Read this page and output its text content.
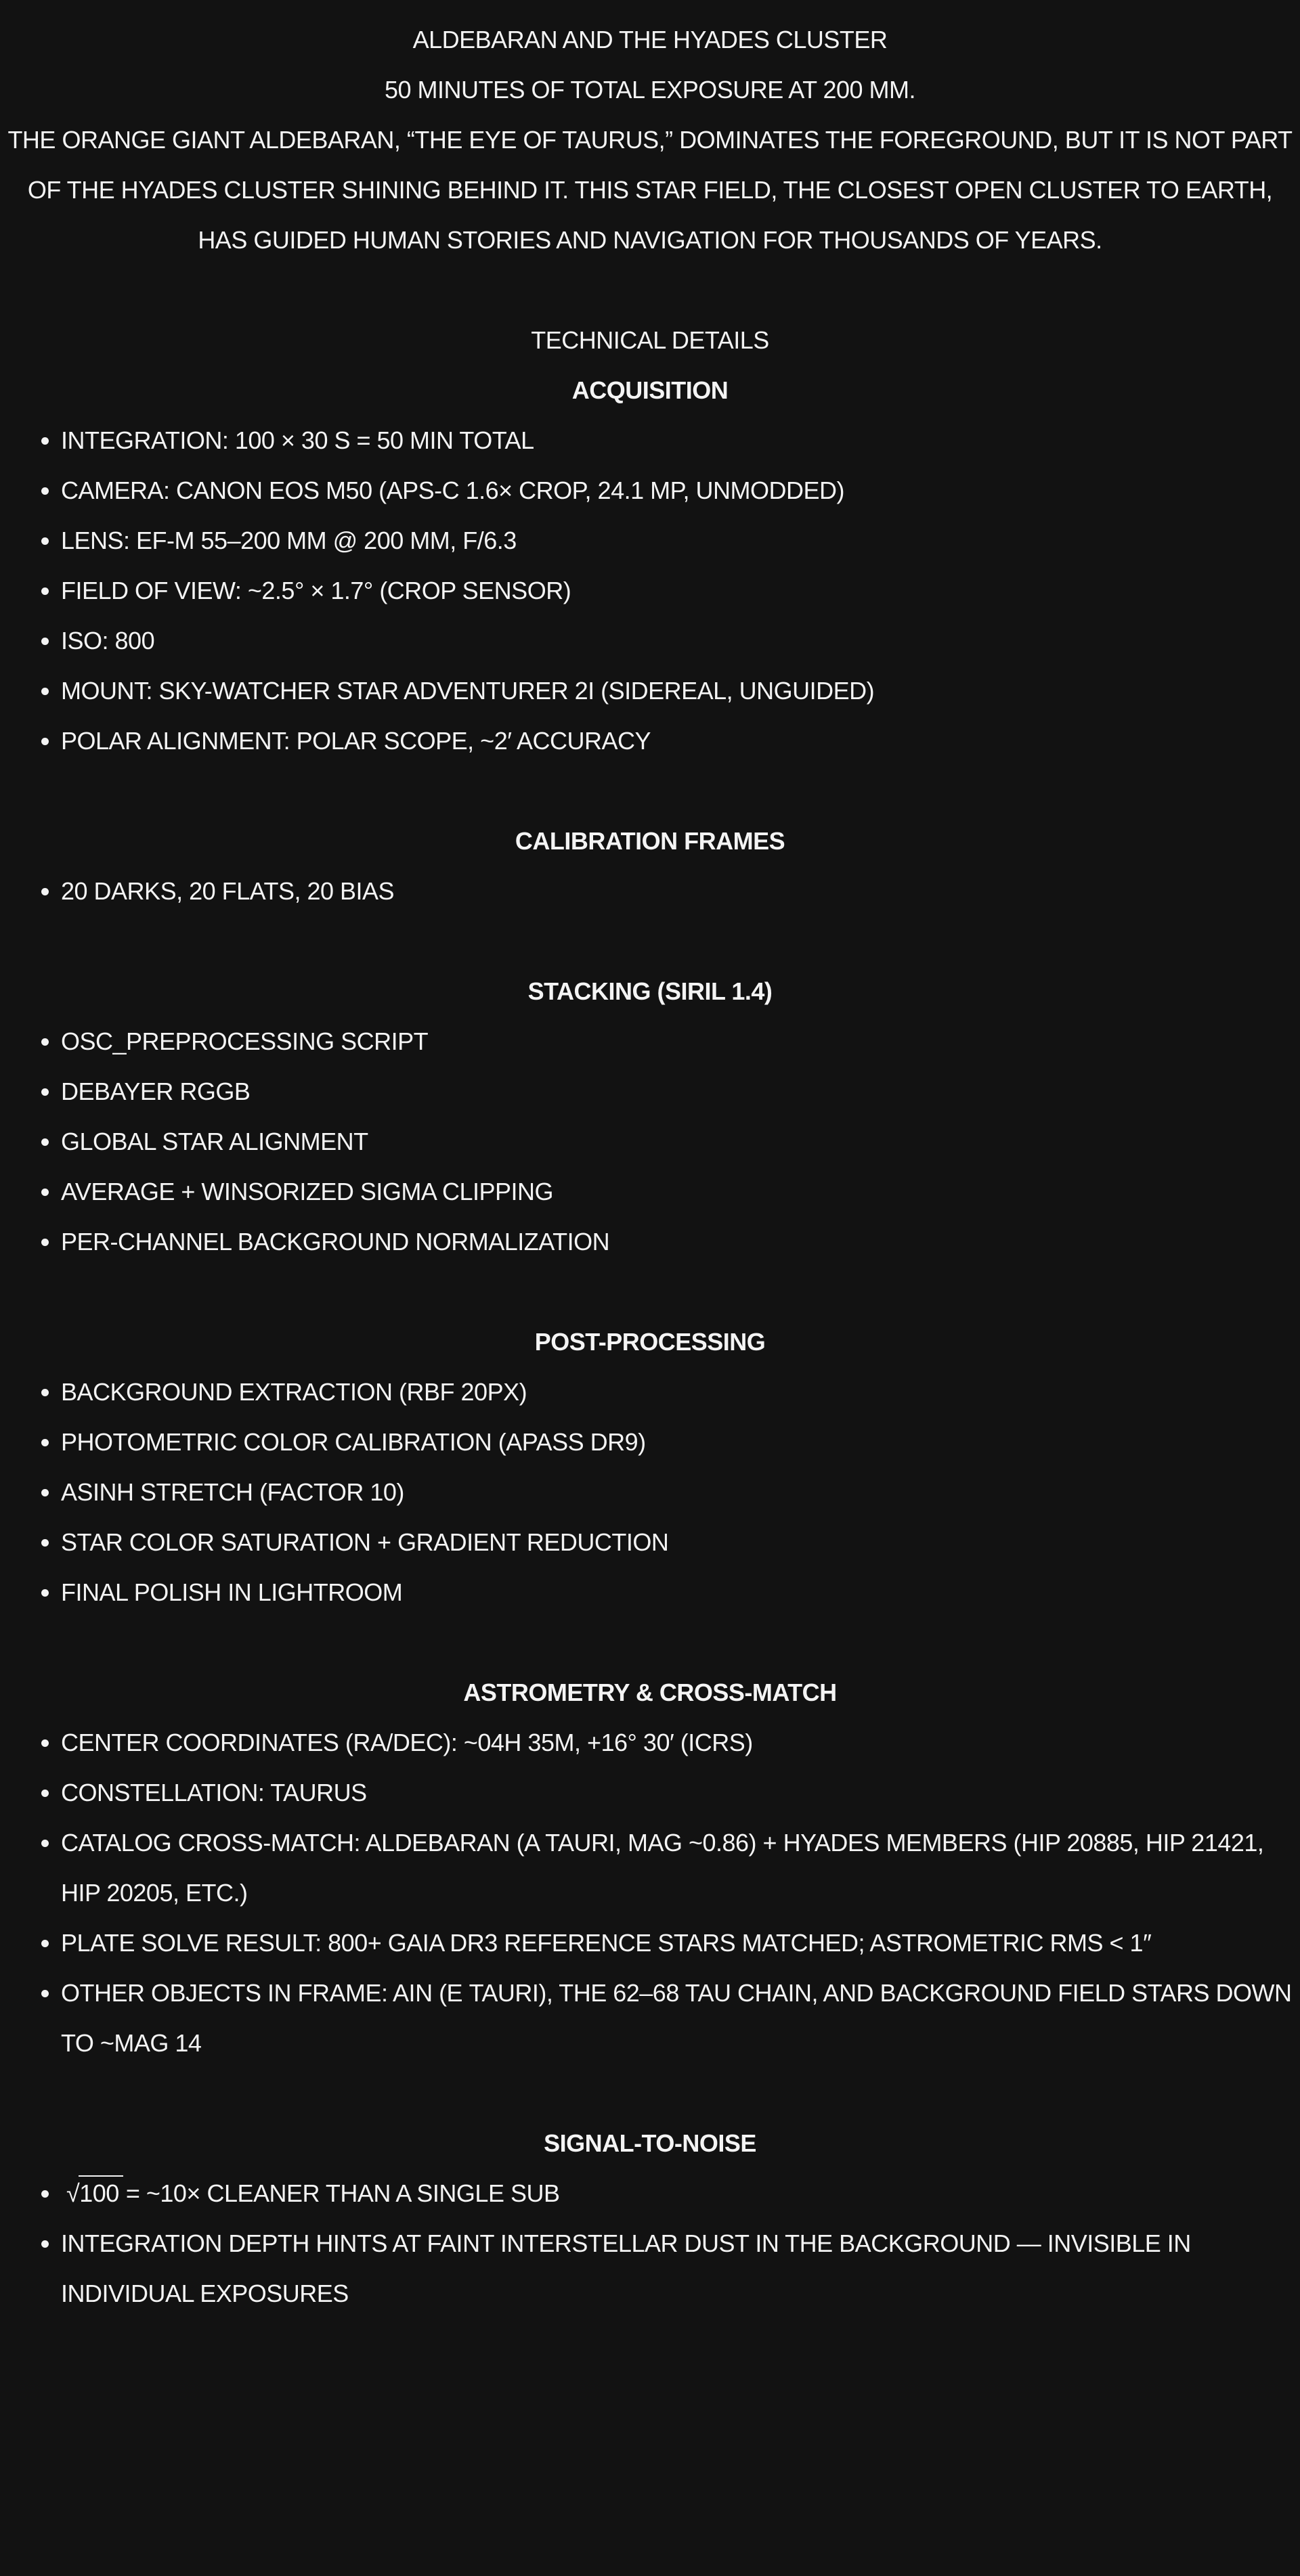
ALDEBARAN AND THE HYADES CLUSTER

50 MINUTES OF TOTAL EXPOSURE AT 200 MM.

THE ORANGE GIANT ALDEBARAN, “THE EYE OF TAURUS,” DOMINATES THE FOREGROUND, BUT IT IS NOT PART OF THE HYADES CLUSTER SHINING BEHIND IT. THIS STAR FIELD, THE CLOSEST OPEN CLUSTER TO EARTH, HAS GUIDED HUMAN STORIES AND NAVIGATION FOR THOUSANDS OF YEARS.

TECHNICAL DETAILS

ACQUISITION

• INTEGRATION: 100 × 30 S = 50 MIN TOTAL
• CAMERA: CANON EOS M50 (APS-C 1.6× CROP, 24.1 MP, UNMODDED)
• LENS: EF-M 55–200 MM @ 200 MM, F/6.3
• FIELD OF VIEW: ~2.5° × 1.7° (CROP SENSOR)
• ISO: 800
• MOUNT: SKY-WATCHER STAR ADVENTURER 2I (SIDEREAL, UNGUIDED)
• POLAR ALIGNMENT: POLAR SCOPE, ~2′ ACCURACY

CALIBRATION FRAMES

• 20 DARKS, 20 FLATS, 20 BIAS

STACKING (SIRIL 1.4)

• OSC_PREPROCESSING SCRIPT
• DEBAYER RGGB
• GLOBAL STAR ALIGNMENT
• AVERAGE + WINSORIZED SIGMA CLIPPING
• PER-CHANNEL BACKGROUND NORMALIZATION

POST-PROCESSING

• BACKGROUND EXTRACTION (RBF 20PX)
• PHOTOMETRIC COLOR CALIBRATION (APASS DR9)
• ASINH STRETCH (FACTOR 10)
• STAR COLOR SATURATION + GRADIENT REDUCTION
• FINAL POLISH IN LIGHTROOM

ASTROMETRY & CROSS-MATCH

• CENTER COORDINATES (RA/DEC): ~04H 35M, +16° 30′ (ICRS)
• CONSTELLATION: TAURUS
• CATALOG CROSS-MATCH: ALDEBARAN (Α TAURI, MAG ~0.86) + HYADES MEMBERS (HIP 20885, HIP 21421, HIP 20205, ETC.)
• PLATE SOLVE RESULT: 800+ GAIA DR3 REFERENCE STARS MATCHED; ASTROMETRIC RMS < 1″
• OTHER OBJECTS IN FRAME: AIN (Ε TAURI), THE 62–68 TAU CHAIN, AND BACKGROUND FIELD STARS DOWN TO ~MAG 14

SIGNAL-TO-NOISE

• √
100 = ~10× CLEANER THAN A SINGLE SUB
• INTEGRATION DEPTH HINTS AT FAINT INTERSTELLAR DUST IN THE BACKGROUND — INVISIBLE IN INDIVIDUAL EXPOSURES
